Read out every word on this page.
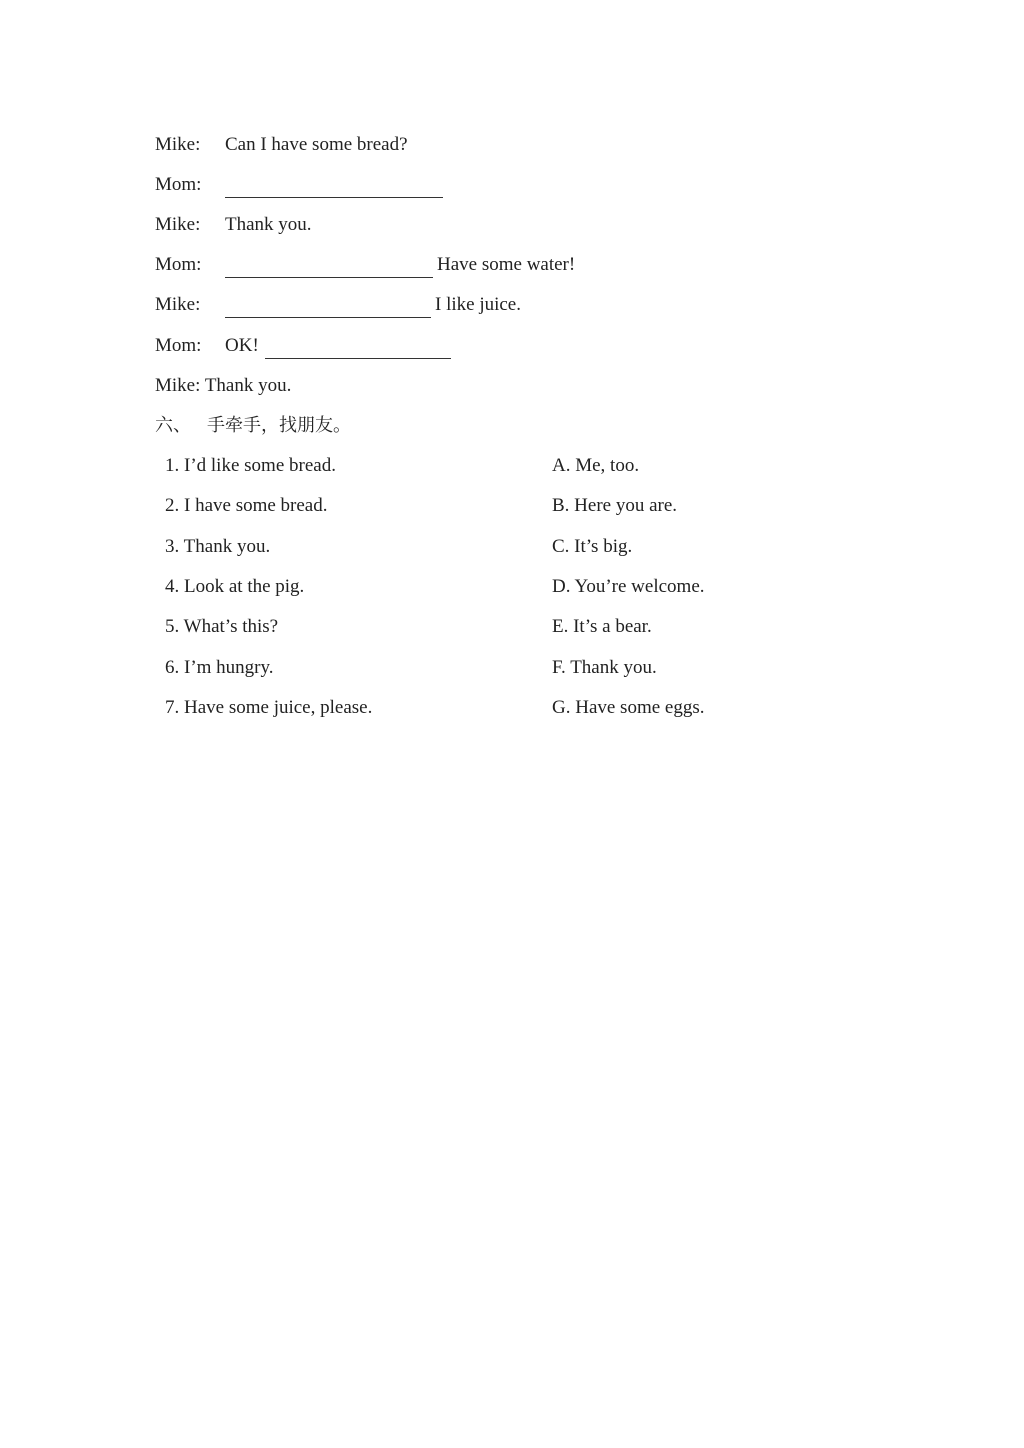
Mike: Can I have some bread?
Mom:
Mike: Thank you.
Mom:	Have some water!
Mike:	I like juice.
Mom: OK!
Mike: Thank you.
六、 手牵手，找朋友。
1. I’d like some bread.
2. I have some bread.
3. Thank you.
4. Look at the pig.
5. What’s this?
6. I’m hungry.
7. Have some juice, please.
A. Me, too.
B. Here you are.
C. It’s big.
D. You’re welcome.
E. It’s a bear.
F. Thank you.
G. Have some eggs.
